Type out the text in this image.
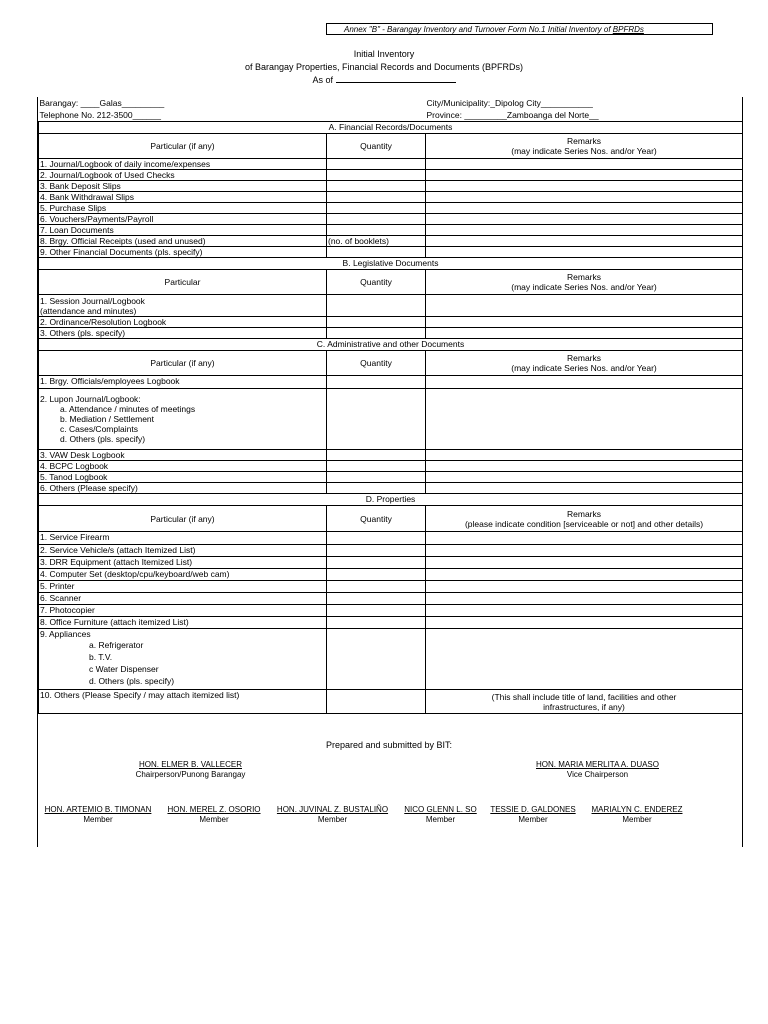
Annex "B" - Barangay Inventory and Turnover Form No.1 Initial Inventory of BPFRDs
Initial Inventory
of Barangay Properties, Financial Records and Documents (BPFRDs)
As of
Barangay: ____Galas_________		City/Municipality:_Dipolog City___________
Telephone No. 212-3500______		Province: _________Zamboanga del Norte__
A. Financial Records/Documents		
Particular (if any)	Quantity	Remarks
(may indicate Series Nos. and/or Year)

1. Journal/Logbook of daily income/expenses		
2. Journal/Logbook of Used Checks		
3. Bank Deposit Slips		
4. Bank Withdrawal Slips		
5. Purchase Slips		
6. Vouchers/Payments/Payroll		
7. Loan Documents		
8. Brgy. Official Receipts (used and unused)	(no. of booklets)	
9. Other Financial Documents (pls. specify)		
B. Legislative Documents		
Particular	Quantity	Remarks
(may indicate Series Nos. and/or Year)

1. Session Journal/Logbook
(attendance and minutes)		

2. Ordinance/Resolution Logbook		
3. Others (pls. specify)		
C. Administrative and other Documents		
Particular (if any)	Quantity	Remarks
(may indicate Series Nos. and/or Year)

1. Brgy. Officials/employees Logbook		

2. Lupon Journal/Logbook:
a. Attendance / minutes of meetings
b. Mediation / Settlement
c. Cases/Complaints
d. Others (pls. specify)		

3. VAW Desk Logbook		
4. BCPC Logbook		
5. Tanod Logbook		
6. Others (Please specify)		
D. Properties		
Particular (if any)	Quantity	Remarks
(please indicate condition [serviceable or not] and other details)

1. Service Firearm		
2. Service Vehicle/s (attach Itemized List)		
3. DRR Equipment (attach Itemized List)		
4. Computer Set (desktop/cpu/keyboard/web cam)		
5. Printer		
6. Scanner		
7. Photocopier		
8. Office Furniture (attach itemized List)		

9. Appliances
a. Refrigerator
b. T.V.
c Water Dispenser
d. Others (pls. specify)		

10. Others (Please Specify / may attach itemized list)		(This shall include title of land, facilities and other
infrastructures, if any)
Prepared and submitted by BIT:
HON. ELMER B. VALLECER
Chairperson/Punong Barangay
HON. MARIA MERLITA A. DUASO
Vice Chairperson
HON. ARTEMIO B. TIMONAN
Member
HON. MEREL Z. OSORIO
Member
HON. JUVINAL Z. BUSTALIÑO
Member
NICO GLENN L. SO
Member
TESSIE D. GALDONES
Member
MARIALYN C. ENDEREZ
Member
